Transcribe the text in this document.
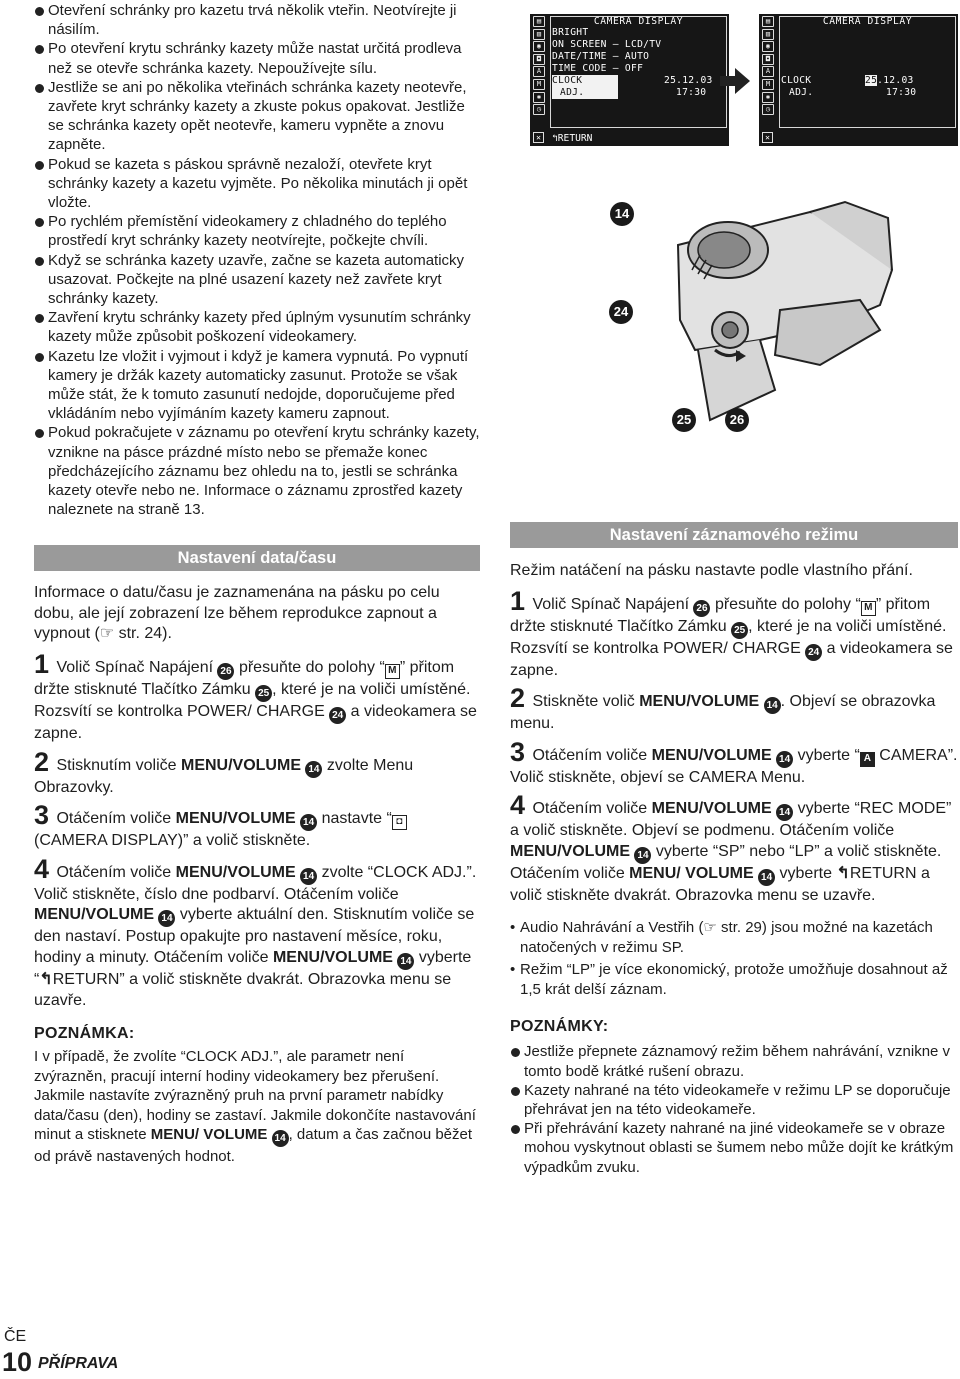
Otevření schránky pro kazetu trvá několik vteřin. Neotvírejte ji násilím.
Po otevření krytu schránky kazety může nastat určitá prodleva než se otevře schránka kazety. Nepoužívejte sílu.
Jestliže se ani po několika vteřinách schránka kazety neotevře, zavřete kryt schránky kazety a zkuste pokus opakovat. Jestliže se schránka kazety opět neotevře, kameru vypněte a znovu zapněte.
Pokud se kazeta s páskou správně nezaloží, otevřete kryt schránky kazety a kazetu vyjměte. Po několika minutách ji opět vložte.
Po rychlém přemístění videokamery z chladného do teplého prostředí kryt schránky kazety neotvírejte, počkejte chvíli.
Když se schránka kazety uzavře, začne se kazeta automaticky usazovat. Počkejte na plné usazení kazety než zavřete kryt schránky kazety.
Zavření krytu schránky kazety před úplným vysunutím schránky kazety může způsobit poškození videokamery.
Kazetu lze vložit i vyjmout i když je kamera vypnutá. Po vypnutí kamery je držák kazety automaticky zasunut. Protože se však může stát, že k tomuto zasunutí nedojde, doporučujeme před vkládáním nebo vyjímáním kazety kameru zapnout.
Pokud pokračujete v záznamu po otevření krytu schránky kazety, vznikne na pásce prázdné místo nebo se přemaže konec předcházejícího záznamu bez ohledu na to, jestli se schránka kazety otevře nebo ne. Informace o záznamu zprostřed kazety naleznete na straně 13.
Nastavení data/času

Informace o datu/času je zaznamenána na pásku po celu dobu, ale její zobrazení lze během reprodukce zapnout a vypnout (☞ str. 24).

1 Volič Spínač Napájení 26 přesuňte do polohy “ M ” přitom držte stisknuté Tlačítko Zámku 25 , které je na voliči umístěné. Rozsvítí se kontrolka POWER/ CHARGE 24 a videokamera se zapne.

2 Stisknutím voliče MENU/VOLUME 14 zvolte Menu Obrazovky.

3 Otáčením voliče MENU/VOLUME 14 nastavte “ ◘ (CAMERA DISPLAY)” a volič stiskněte.

4 Otáčením voliče MENU/VOLUME 14 zvolte “CLOCK ADJ.”. Volič stiskněte, číslo dne podbarví. Otáčením voliče MENU/VOLUME 14 vyberte aktuální den. Stisknutím voliče se den nastaví. Postup opakujte pro nastavení měsíce, roku, hodiny a minuty. Otáčením voliče MENU/VOLUME 14 vyberte “↰RETURN” a volič stiskněte dvakrát. Obrazovka menu se uzavře.

POZNÁMKA:

I v případě, že zvolíte “CLOCK ADJ.”, ale parametr není zvýrazněn, pracují interní hodiny videokamery bez přerušení. Jakmile nastavíte zvýrazněný pruh na první parametr nabídky data/času (den), hodiny se zastaví. Jakmile dokončíte nastavování minut a stisknete MENU/ VOLUME 14 , datum a čas začnou běžet od právě nastavených hodnot.

▤
▥
◉
◘
A
M
✱
◷
CAMERA DISPLAY
BRIGHT
ON SCREEN – LCD/TV
DATE/TIME – AUTO
TIME CODE – OFF
CLOCK
ADJ.
25.12.03
17:30
✕	↰RETURN
▤
▥
◉
◘
A
M
✱
◷
CAMERA DISPLAY
CLOCK
ADJ.
25.12.03
17:30
✕
14
24
25	26
Nastavení záznamového režimu

Režim natáčení na pásku nastavte podle vlastního přání.

1 Volič Spínač Napájení 26 přesuňte do polohy “ M ” přitom držte stisknuté Tlačítko Zámku 25 , které je na voliči umístěné. Rozsvítí se kontrolka POWER/ CHARGE 24 a videokamera se zapne.

2 Stiskněte volič MENU/VOLUME 14 . Objeví se obrazovka menu.

3 Otáčením voliče MENU/VOLUME 14 vyberte “ A CAMERA”. Volič stiskněte, objeví se CAMERA Menu.

4 Otáčením voliče MENU/VOLUME 14 vyberte “REC MODE” a volič stiskněte. Objeví se podmenu. Otáčením voliče MENU/VOLUME 14 vyberte “SP” nebo “LP” a volič stiskněte. Otáčením voliče MENU/ VOLUME 14 vyberte ↰RETURN a volič stiskněte dvakrát. Obrazovka menu se uzavře.

• Audio Nahrávání a Vestřih (☞ str. 29) jsou možné na kazetách natočených v režimu SP.
• Režim “LP” je více ekonomický, protože umožňuje dosahnout až 1,5 krát delší záznam.
POZNÁMKY:
Jestliže přepnete záznamový režim během nahrávání, vznikne v tomto bodě krátké rušení obrazu.
Kazety nahrané na této videokameře v režimu LP se doporučuje přehrávat jen na této videokameře.
Při přehrávání kazety nahrané na jiné videokameře se v obraze mohou vyskytnout oblasti se šumem nebo může dojít ke krátkým výpadkům zvuku.
ČE
10 PŘÍPRAVA
